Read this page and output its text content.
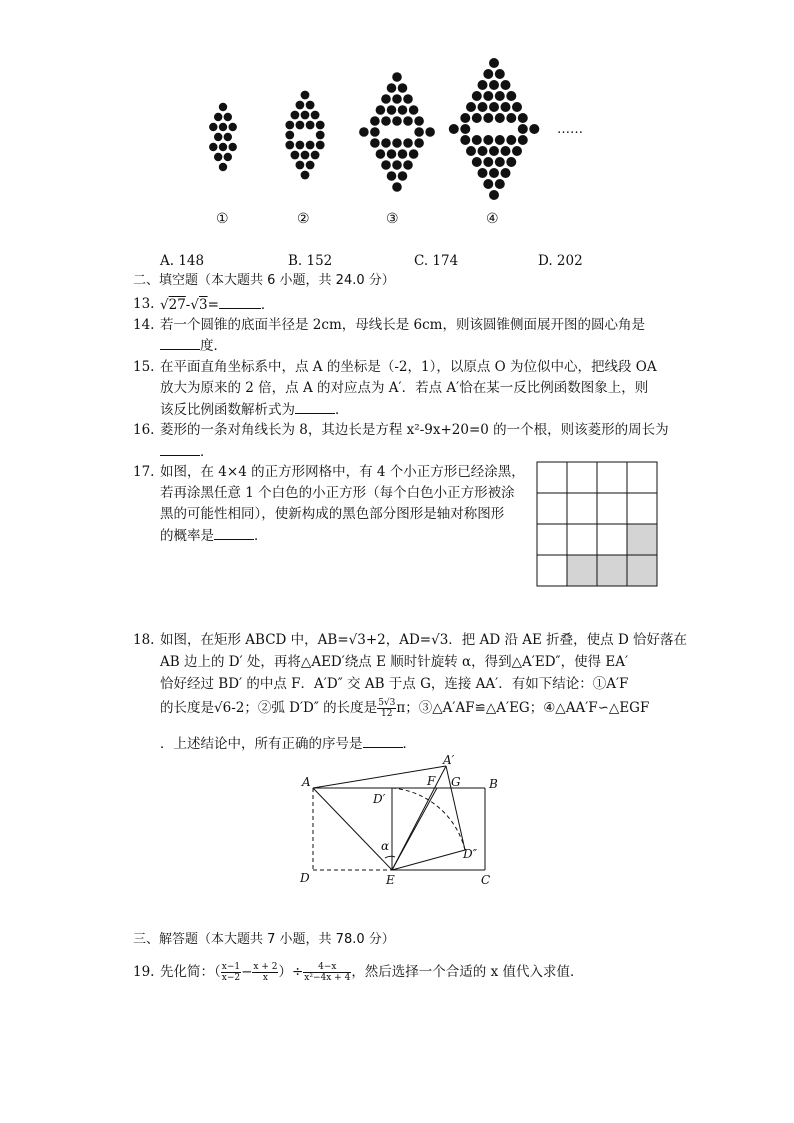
①	②	③	④
……
A. 148	B. 152	C. 174	D. 202
二、填空题（本大题共 6 小题，共 24.0 分）
13. √27-√3=	．
14. 若一个圆锥的底面半径是 2cm，母线长是 6cm，则该圆锥侧面展开图的圆心角是
度．
15. 在平面直角坐标系中，点 A 的坐标是（-2，1），以原点 O 为位似中心，把线段 OA
放大为原来的 2 倍，点 A 的对应点为 A′．若点 A′恰在某一反比例函数图象上，则
该反比例函数解析式为	．
16. 菱形的一条对角线长为 8，其边长是方程 x²-9x+20=0 的一个根，则该菱形的周长为
．
17. 如图，在 4×4 的正方形网格中，有 4 个小正方形已经涂黑，
若再涂黑任意 1 个白色的小正方形（每个白色小正方形被涂
黑的可能性相同），使新构成的黑色部分图形是轴对称图形
的概率是	．
18. 如图，在矩形 ABCD 中，AB=√3+2，AD=√3．把 AD 沿 AE 折叠，使点 D 恰好落在
AB 边上的 D′ 处，再将△AED′绕点 E 顺时针旋转 α，得到△A′ED″，使得 EA′
恰好经过 BD′ 的中点 F．A′D″ 交 AB 于点 G，连接 AA′．有如下结论：①A′F
的长度是√6-2；②弧 D′D″ 的长度是 $\frac{5√3}{12}$ π；③△A′AF≌△A′EG；④△AA′F∽△EGF
．上述结论中，所有正确的序号是	．
A	B
C
D	E
F G
A′
D′
D″
α
三、解答题（本大题共 7 小题，共 78.0 分）
19. 先化简：（ $\frac{x-1}{x-2} - \frac{x + 2}{x}$ ）÷ $\frac{4-x}{\text{x²−4x + 4}}$ ，然后选择一个合适的 x 值代入求值．
